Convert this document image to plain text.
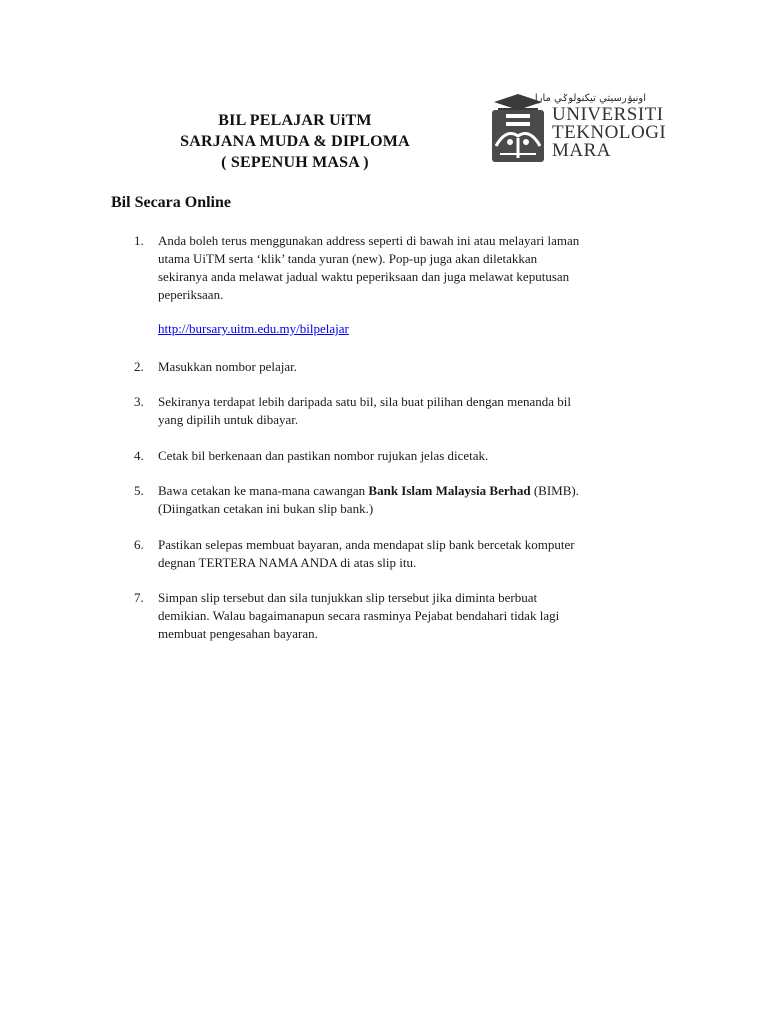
BIL PELAJAR UiTM
SARJANA MUDA & DIPLOMA
( SEPENUH MASA )
اونيۏرسيتي تيكنولوݢي مارا
UNIVERSITI
TEKNOLOGI
MARA
Bil Secara Online
1. Anda boleh terus menggunakan address seperti di bawah ini atau melayari laman
utama UiTM serta ‘klik’ tanda yuran (new). Pop-up juga akan diletakkan
sekiranya anda melawat jadual waktu peperiksaan dan juga melawat keputusan
peperiksaan.
2. Masukkan nombor pelajar.
3. Sekiranya terdapat lebih daripada satu bil, sila buat pilihan dengan menanda bil
yang dipilih untuk dibayar.
4. Cetak bil berkenaan dan pastikan nombor rujukan jelas dicetak.
5. Bawa cetakan ke mana-mana cawangan Bank Islam Malaysia Berhad (BIMB).
(Diingatkan cetakan ini bukan slip bank.)
6. Pastikan selepas membuat bayaran, anda mendapat slip bank bercetak komputer
degnan TERTERA NAMA ANDA di atas slip itu.
7. Simpan slip tersebut dan sila tunjukkan slip tersebut jika diminta berbuat
demikian. Walau bagaimanapun secara rasminya Pejabat bendahari tidak lagi
membuat pengesahan bayaran.
http://bursary.uitm.edu.my/bilpelajar
